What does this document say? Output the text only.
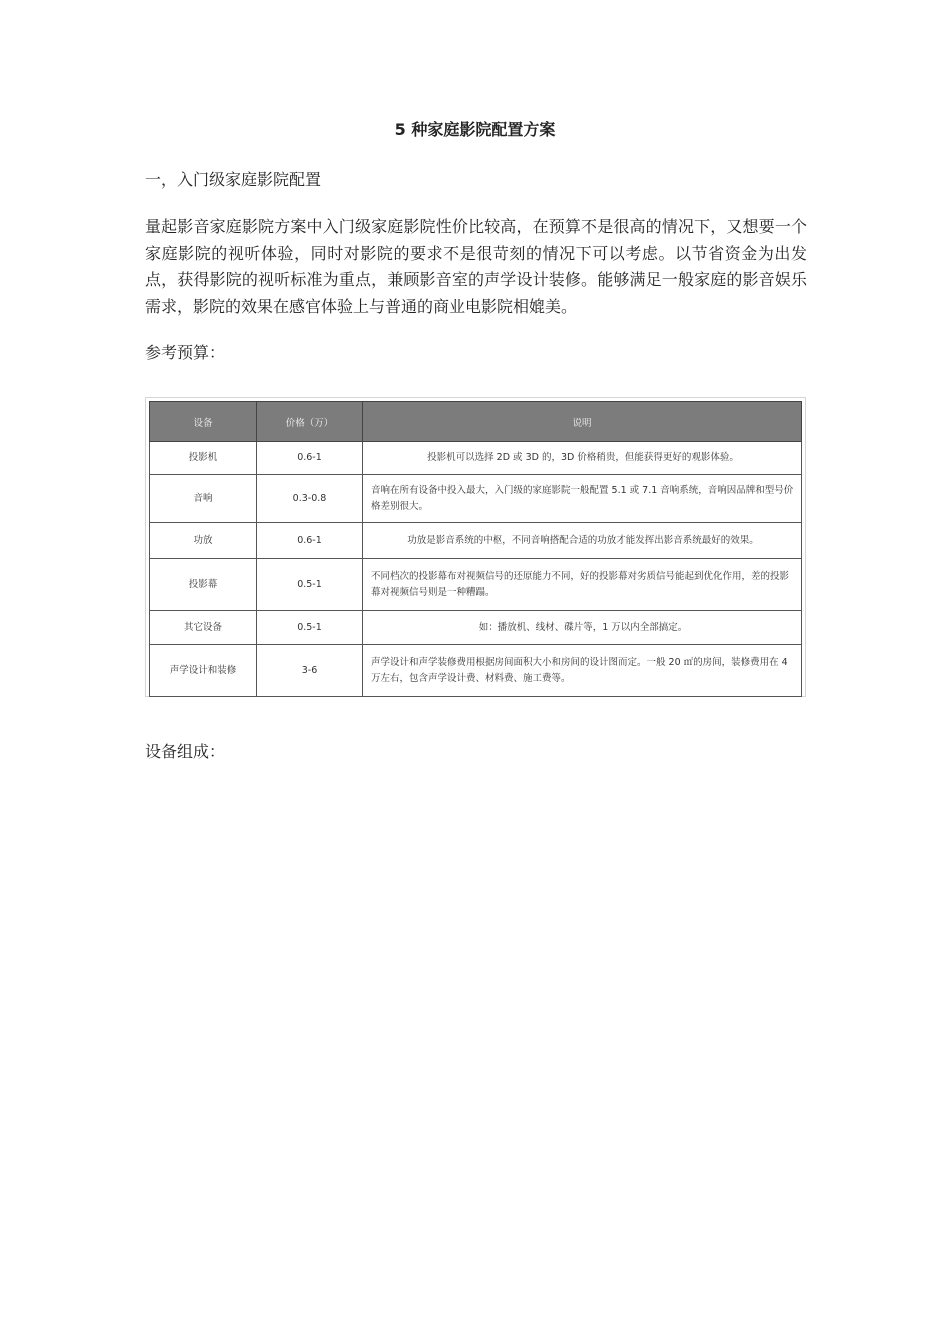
5 种家庭影院配置方案
一，入门级家庭影院配置

量起影音家庭影院方案中入门级家庭影院性价比较高，在预算不是很高的情况下，又想要一个家庭影院的视听体验，同时对影院的要求不是很苛刻的情况下可以考虑。以节省资金为出发点，获得影院的视听标准为重点，兼顾影音室的声学设计装修。能够满足一般家庭的影音娱乐需求，影院的效果在感官体验上与普通的商业电影院相媲美。

参考预算：
设备	价格（万）	说明
投影机	0.6-1	投影机可以选择 2D 或 3D 的，3D 价格稍贵，但能获得更好的观影体验。
音响	0.3-0.8	音响在所有设备中投入最大，入门级的家庭影院一般配置 5.1 或 7.1 音响系统，音响因品牌和型号价格差别很大。
功放	0.6-1	功放是影音系统的中枢，不同音响搭配合适的功放才能发挥出影音系统最好的效果。
投影幕	0.5-1	不同档次的投影幕布对视频信号的还原能力不同，好的投影幕对劣质信号能起到优化作用，差的投影幕对视频信号则是一种糟蹋。
其它设备	0.5-1	如：播放机、线材、碟片等，1 万以内全部搞定。
声学设计和装修	3-6	声学设计和声学装修费用根据房间面积大小和房间的设计图而定。一般 20 ㎡的房间，装修费用在 4 万左右，包含声学设计费、材料费、施工费等。
设备组成：
